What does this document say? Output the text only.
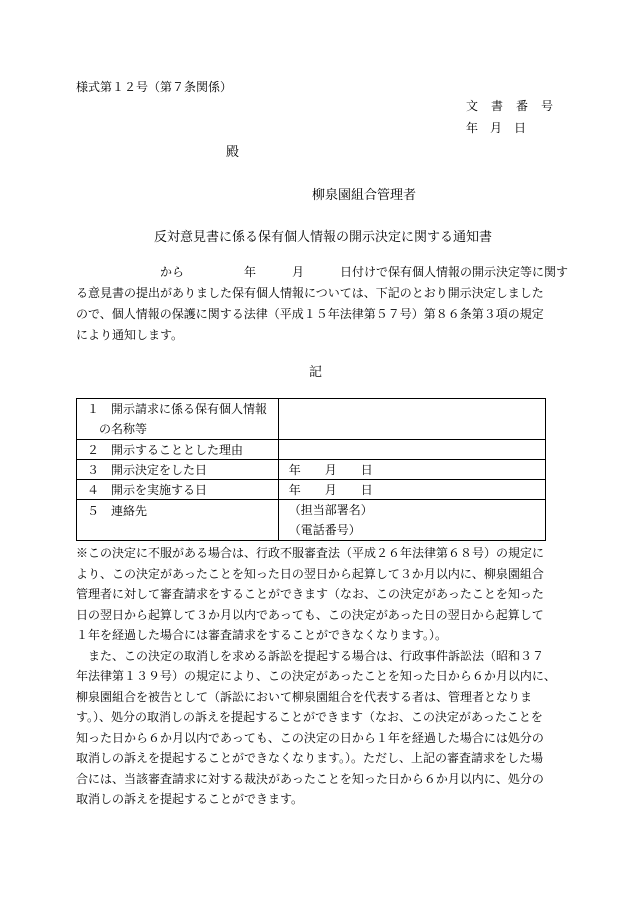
様式第１２号（第７条関係）
文書番号
年　月　日
殿
柳泉園組合管理者
反対意見書に係る保有個人情報の開示決定に関する通知書
　　　　　　　から　　　　　年　　　月　　　日付けで保有個人情報の開示決定等に関す
る意見書の提出がありました保有個人情報については、下記のとおり開示決定しました
ので、個人情報の保護に関する法律（平成１５年法律第５７号）第８６条第３項の規定
により通知します。
記
１　開示請求に係る保有個人情報
　の名称等	

２　開示することとした理由	
３　開示決定をした日	年　　月　　日
４　開示を実施する日	年　　月　　日
５　連絡先	（担当部署名）
（電話番号）
※この決定に不服がある場合は、行政不服審査法（平成２６年法律第６８号）の規定に
より、この決定があったことを知った日の翌日から起算して３か月以内に、柳泉園組合
管理者に対して審査請求をすることができます（なお、この決定があったことを知った
日の翌日から起算して３か月以内であっても、この決定があった日の翌日から起算して
１年を経過した場合には審査請求をすることができなくなります。）。
　また、この決定の取消しを求める訴訟を提起する場合は、行政事件訴訟法（昭和３７
年法律第１３９号）の規定により、この決定があったことを知った日から６か月以内に、
柳泉園組合を被告として（訴訟において柳泉園組合を代表する者は、管理者となりま
す。）、処分の取消しの訴えを提起することができます（なお、この決定があったことを
知った日から６か月以内であっても、この決定の日から１年を経過した場合には処分の
取消しの訴えを提起することができなくなります。）。ただし、上記の審査請求をした場
合には、当該審査請求に対する裁決があったことを知った日から６か月以内に、処分の
取消しの訴えを提起することができます。
